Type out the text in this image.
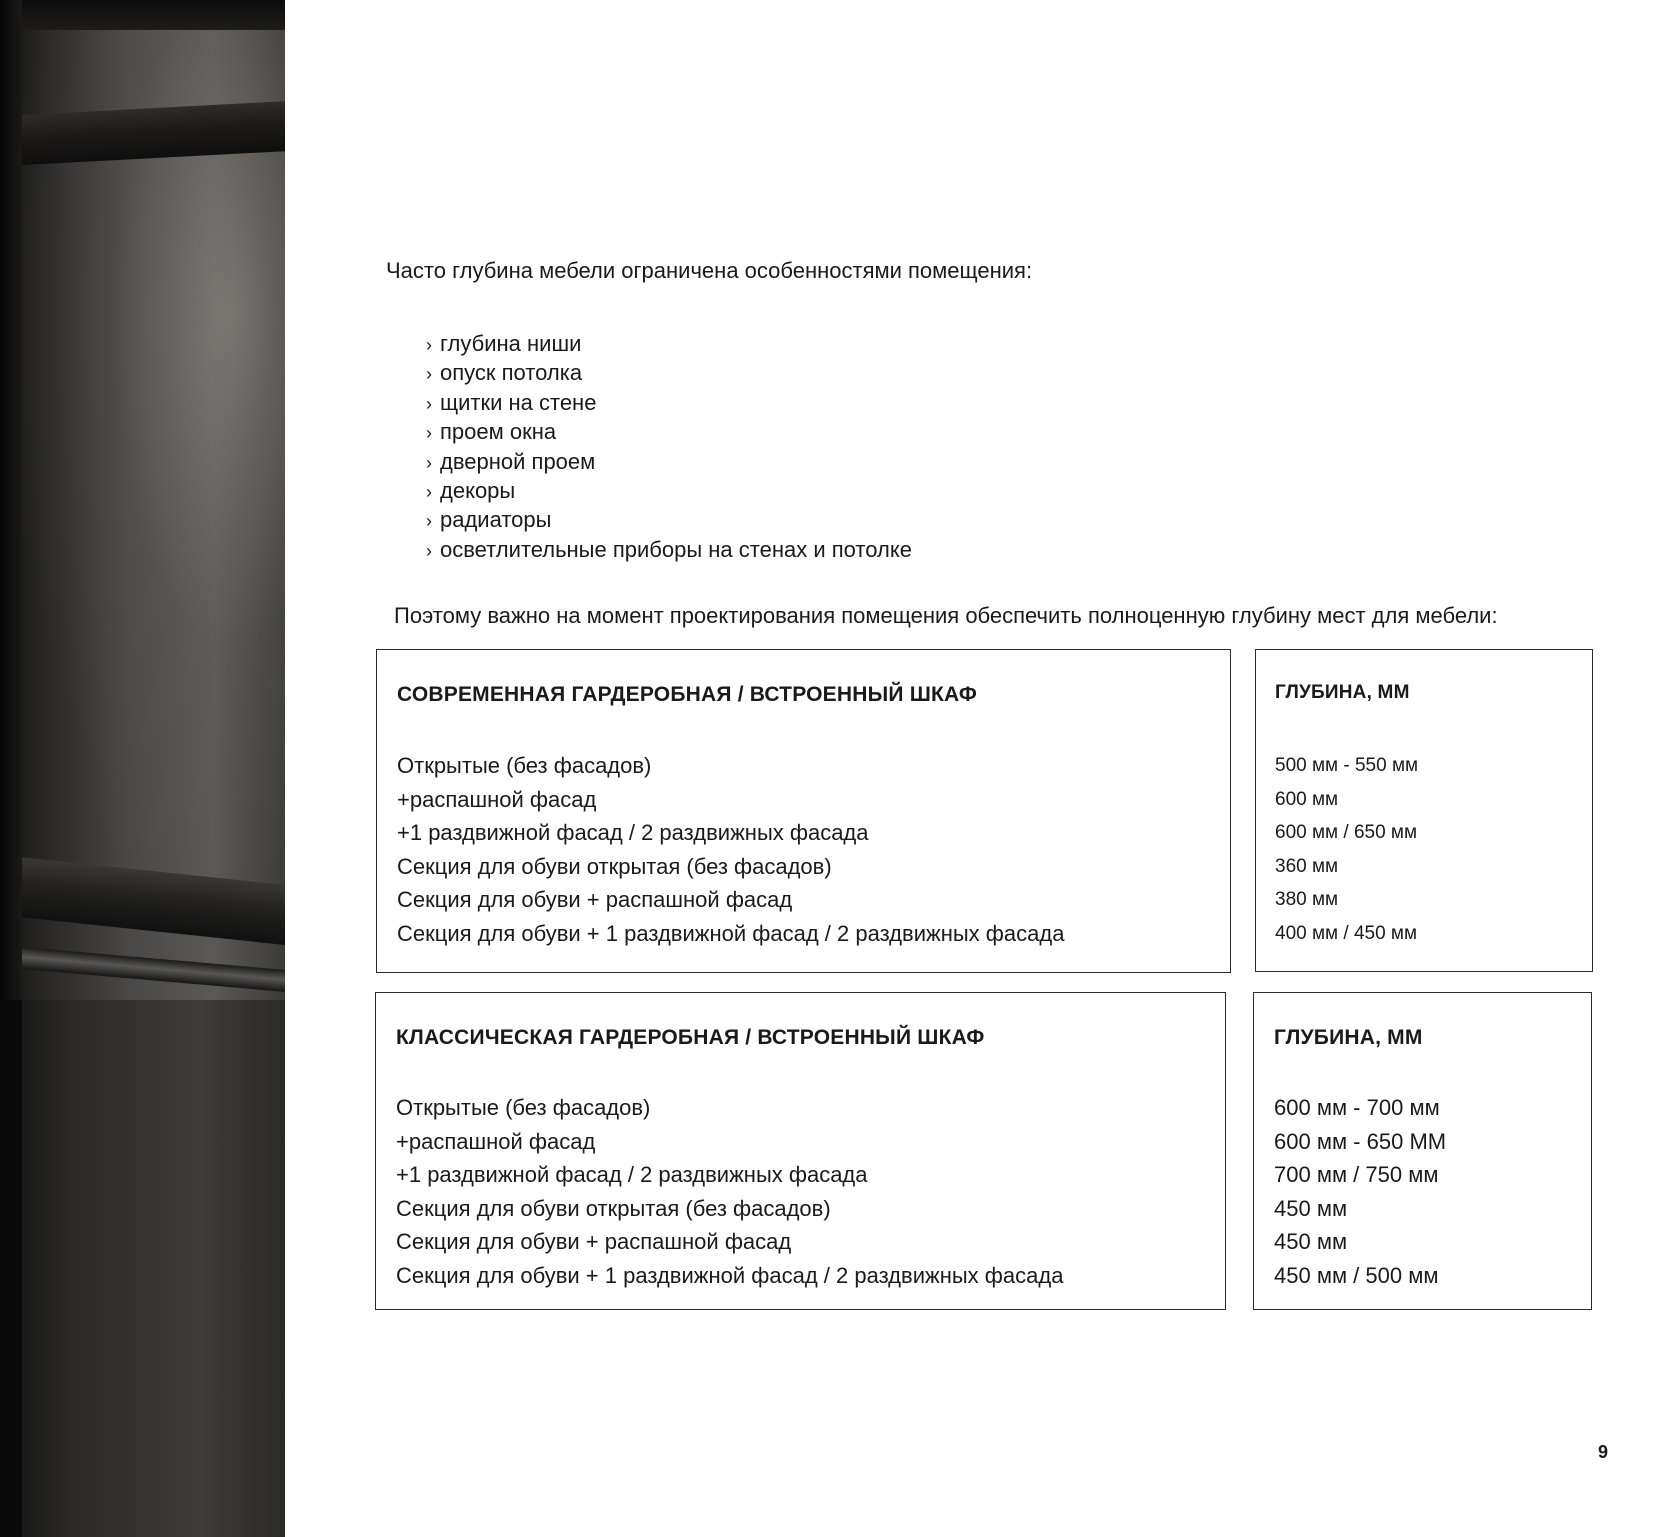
Часто глубина мебели ограничена особенностями помещения:

› глубина ниши
› опуск потолка
› щитки на стене
› проем окна
› дверной проем
› декоры
› радиаторы
› осветлительные приборы на стенах и потолке

Поэтому важно на момент проектирования помещения обеспечить полноценную глубину мест для мебели:

СОВРЕМЕННАЯ ГАРДЕРОБНАЯ / ВСТРОЕННЫЙ ШКАФ
Открытые (без фасадов)
+распашной фасад
+1 раздвижной фасад / 2 раздвижных фасада
Секция для обуви открытая (без фасадов)
Секция для обуви + распашной фасад
Секция для обуви + 1 раздвижной фасад / 2 раздвижных фасада
ГЛУБИНА, ММ
500 мм - 550 мм
600 мм
600 мм / 650 мм
360 мм
380 мм
400 мм / 450 мм
КЛАССИЧЕСКАЯ ГАРДЕРОБНАЯ / ВСТРОЕННЫЙ ШКАФ
Открытые (без фасадов)
+распашной фасад
+1 раздвижной фасад / 2 раздвижных фасада
Секция для обуви открытая (без фасадов)
Секция для обуви + распашной фасад
Секция для обуви + 1 раздвижной фасад / 2 раздвижных фасада
ГЛУБИНА, ММ
600 мм - 700 мм
600 мм - 650 ММ
700 мм / 750 мм
450 мм
450 мм
450 мм / 500 мм
9
